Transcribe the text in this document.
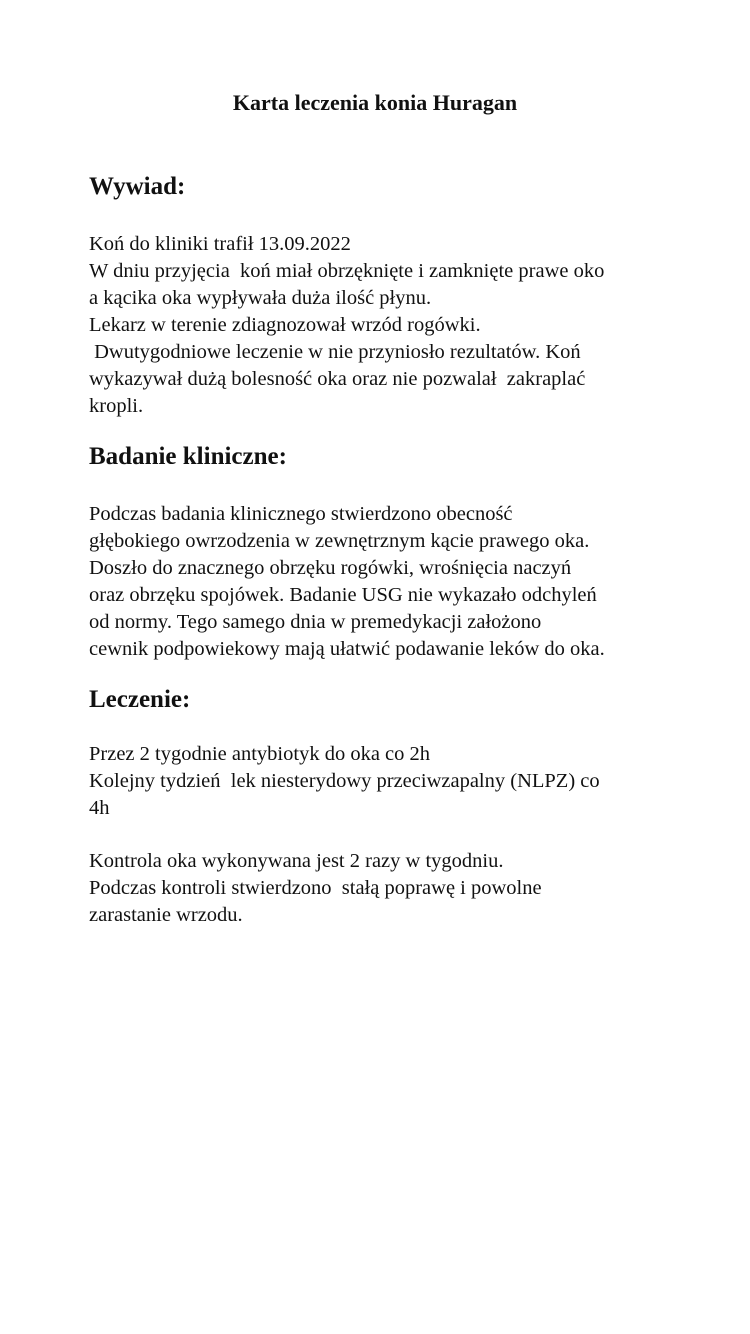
Karta leczenia konia Huragan
Wywiad:
Koń do kliniki trafił 13.09.2022
W dniu przyjęcia  koń miał obrzęknięte i zamknięte prawe oko
a kącika oka wypływała duża ilość płynu.
Lekarz w terenie zdiagnozował wrzód rogówki.
Dwutygodniowe leczenie w nie przyniosło rezultatów. Koń
wykazywał dużą bolesność oka oraz nie pozwalał  zakraplać
kropli.
Badanie kliniczne:
Podczas badania klinicznego stwierdzono obecność
głębokiego owrzodzenia w zewnętrznym kącie prawego oka.
Doszło do znacznego obrzęku rogówki, wrośnięcia naczyń
oraz obrzęku spojówek. Badanie USG nie wykazało odchyleń
od normy. Tego samego dnia w premedykacji założono
cewnik podpowiekowy mają ułatwić podawanie leków do oka.
Leczenie:
Przez 2 tygodnie antybiotyk do oka co 2h
Kolejny tydzień  lek niesterydowy przeciwzapalny (NLPZ) co
4h
Kontrola oka wykonywana jest 2 razy w tygodniu.
Podczas kontroli stwierdzono  stałą poprawę i powolne
zarastanie wrzodu.
